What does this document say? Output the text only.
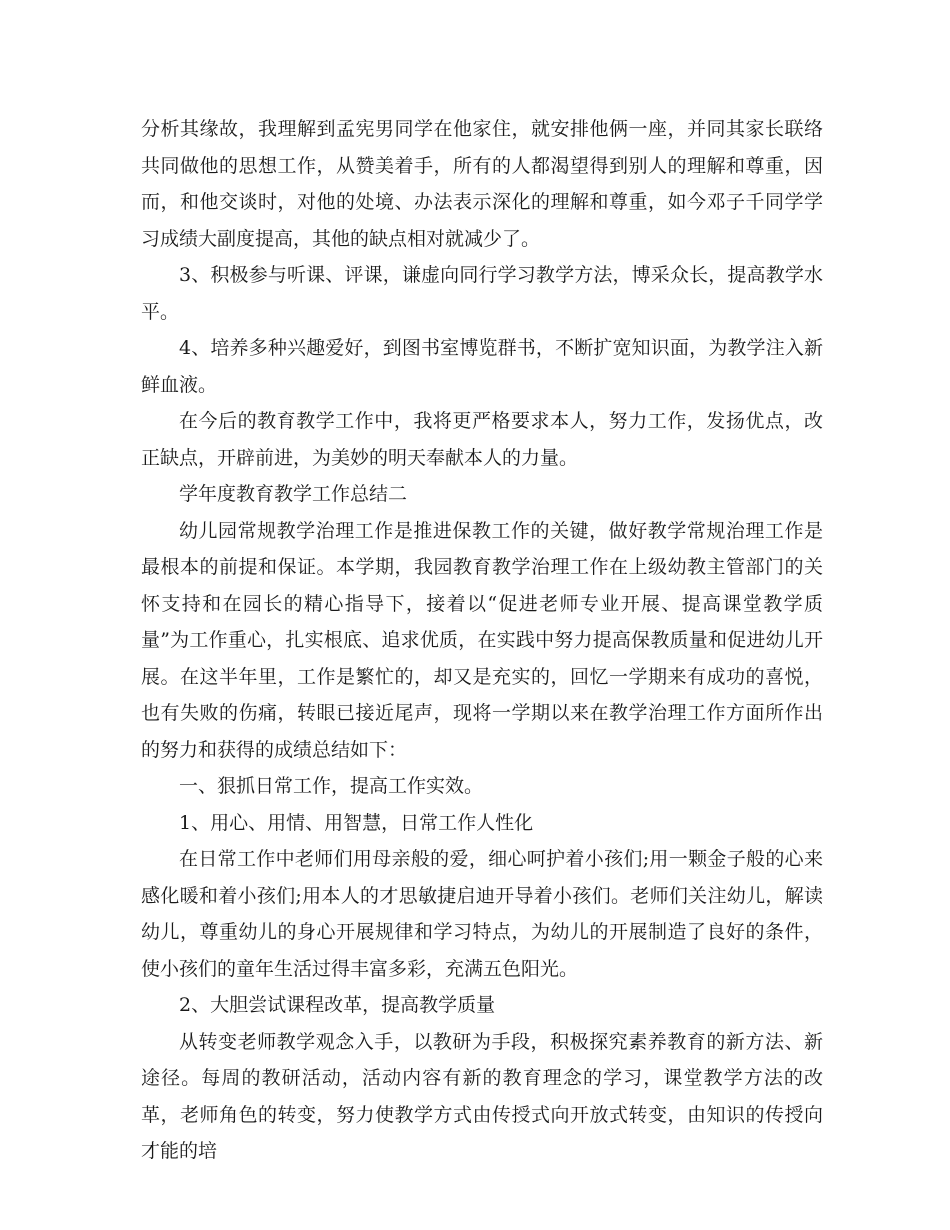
分析其缘故，我理解到孟宪男同学在他家住，就安排他俩一座，并同其家长联络共同做他的思想工作，从赞美着手，所有的人都渴望得到别人的理解和尊重，因而，和他交谈时，对他的处境、办法表示深化的理解和尊重，如今邓子千同学学习成绩大副度提高，其他的缺点相对就减少了。

3、积极参与听课、评课，谦虚向同行学习教学方法，博采众长，提高教学水平。

4、培养多种兴趣爱好，到图书室博览群书，不断扩宽知识面，为教学注入新鲜血液。

在今后的教育教学工作中，我将更严格要求本人，努力工作，发扬优点，改正缺点，开辟前进，为美妙的明天奉献本人的力量。

学年度教育教学工作总结二

幼儿园常规教学治理工作是推进保教工作的关键，做好教学常规治理工作是最根本的前提和保证。本学期，我园教育教学治理工作在上级幼教主管部门的关怀支持和在园长的精心指导下，接着以“促进老师专业开展、提高课堂教学质量”为工作重心，扎实根底、追求优质，在实践中努力提高保教质量和促进幼儿开展。在这半年里，工作是繁忙的，却又是充实的，回忆一学期来有成功的喜悦，也有失败的伤痛，转眼已接近尾声，现将一学期以来在教学治理工作方面所作出的努力和获得的成绩总结如下：

一、狠抓日常工作，提高工作实效。

1、用心、用情、用智慧，日常工作人性化

在日常工作中老师们用母亲般的爱，细心呵护着小孩们;用一颗金子般的心来感化暖和着小孩们;用本人的才思敏捷启迪开导着小孩们。老师们关注幼儿，解读幼儿，尊重幼儿的身心开展规律和学习特点，为幼儿的开展制造了良好的条件，使小孩们的童年生活过得丰富多彩，充满五色阳光。

2、大胆尝试课程改革，提高教学质量

从转变老师教学观念入手，以教研为手段，积极探究素养教育的新方法、新途径。每周的教研活动，活动内容有新的教育理念的学习，课堂教学方法的改革，老师角色的转变，努力使教学方式由传授式向开放式转变，由知识的传授向才能的培
